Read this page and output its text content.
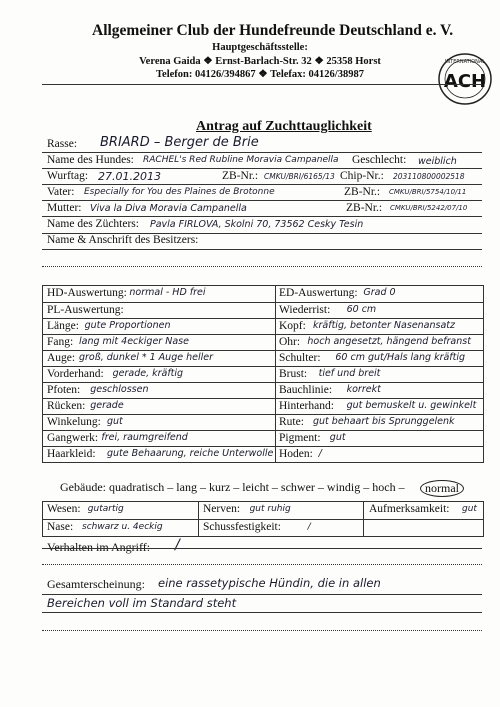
Allgemeiner Club der Hundefreunde Deutschland e. V.
Hauptgeschäftsstelle:
Verena Gaida ❖ Ernst-Barlach-Str. 32 ❖ 25358 Horst
Telefon: 04126/394867 ❖ Telefax: 04126/38987
INTERNATIONAL
ACH
Antrag auf Zuchttauglichkeit
Rasse: BRIARD – Berger de Brie
Name des Hundes: RACHEL's Red Rubline Moravia Campanella Geschlecht: weiblich
Wurftag: 27.01.2013	ZB-Nr.: CMKU/BRI/6165/13 Chip-Nr.: 203110800002518
Vater: Especially for You des Plaines de Brotonne	ZB-Nr.: CMKU/BRI/5754/10/11
Mutter: Viva la Diva Moravia Campanella	ZB-Nr.: CMKU/BRI/5242/07/10
Name des Züchters: Pavla FIRLOVA, Skolni 70, 73562 Cesky Tesin
Name & Anschrift des Besitzers:
HD-Auswertung: normal - HD frei	ED-Auswertung: Grad 0
PL-Auswertung:	Wiederrist: 60 cm
Länge: gute Proportionen	Kopf: kräftig, betonter Nasenansatz
Fang: lang mit 4eckiger Nase	Ohr: hoch angesetzt, hängend befranst
Auge: groß, dunkel * 1 Auge heller	Schulter: 60 cm gut/Hals lang kräftig
Vorderhand: gerade, kräftig	Brust: tief und breit
Pfoten: geschlossen	Bauchlinie: korrekt
Rücken: gerade	Hinterhand: gut bemuskelt u. gewinkelt
Winkelung: gut	Rute: gut behaart bis Sprunggelenk
Gangwerk: frei, raumgreifend	Pigment: gut
Haarkleid: gute Behaarung, reiche Unterwolle Hoden: /
Gebäude: quadratisch – lang – kurz – leicht – schwer – windig – hoch –	normal
Wesen: gutartig	Nerven: gut ruhig	Aufmerksamkeit: gut
Nase: schwarz u. 4eckig	Schussfestigkeit:	/
Verhalten im Angriff: /
Gesamterscheinung: eine rassetypische Hündin, die in allen
Bereichen voll im Standard steht
